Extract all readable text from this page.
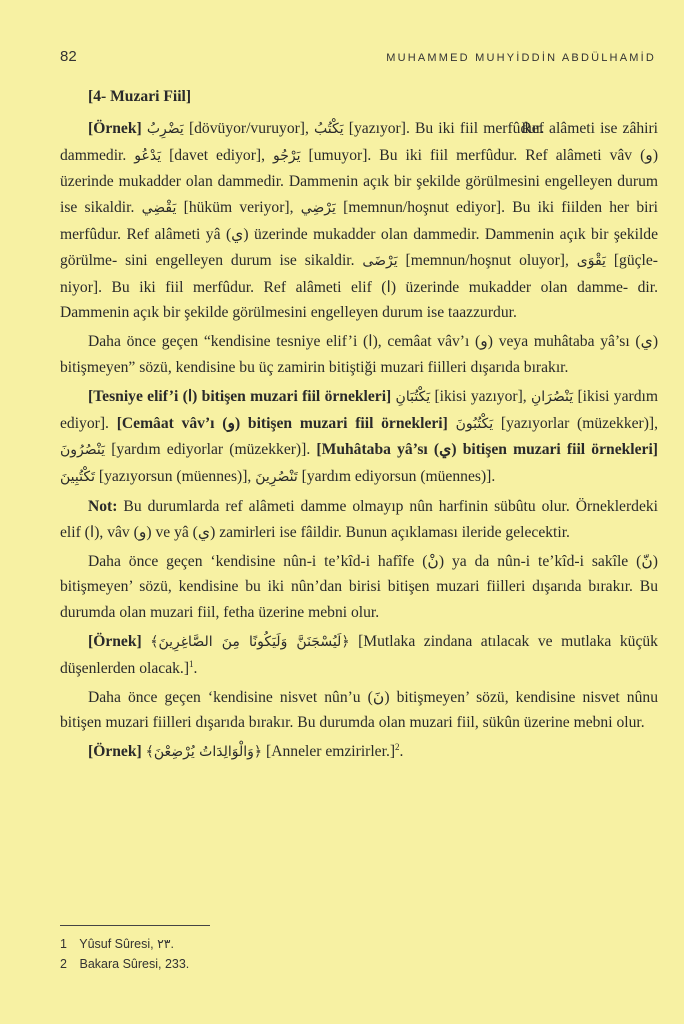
82	MUHAMMED MUHYİDDİN ABDÜLHAMİD

[4- Muzari Fiil]

[Örnek] يَضْرِبُ [dövüyor/vuruyor], يَكْتُبُ [yazıyor]. Bu iki fiil merfûdur. Ref alâmeti ise zâhiri dammedir. يَدْعُو [davet ediyor], يَرْجُو [umuyor]. Bu iki fiil merfûdur. Ref alâmeti vâv (و) üzerinde mukadder olan dammedir. Dammenin açık bir şekilde görülmesini engelleyen durum ise sikaldir. يَقْضِي [hüküm veriyor], يَرْضِي [memnun/hoşnut ediyor]. Bu iki fiilden her biri merfûdur. Ref alâmeti yâ (ي) üzerinde mukadder olan dammedir. Dammenin açık bir şekilde görülme- sini engelleyen durum ise sikaldir. يَرْضَى [memnun/hoşnut oluyor], يَقْوَى [güçle- niyor]. Bu iki fiil merfûdur. Ref alâmeti elif (ا) üzerinde mukadder olan damme- dir. Dammenin açık bir şekilde görülmesini engelleyen durum ise taazzurdur.

Daha önce geçen “kendisine tesniye elif’i (ا), cemâat vâv’ı (و) veya muhâtaba yâ’sı (ي) bitişmeyen” sözü, kendisine bu üç zamirin bitiştiği muzari fiilleri dışarıda bırakır.

[Tesniye elif’i (ا) bitişen muzari fiil örnekleri] يَكْتُبَانِ [ikisi yazıyor], يَنْصُرَانِ [ikisi yardım ediyor]. [Cemâat vâv’ı (و) bitişen muzari fiil örnekleri] يَكْتُبُونَ [yazıyorlar (müzekker)], يَنْصُرُونَ [yardım ediyorlar (müzekker)]. [Muhâtaba yâ’sı (ي) bitişen muzari fiil örnekleri] تَكْتُبِينَ [yazıyorsun (müennes)], تَنْصُرِينَ [yardım ediyorsun (müennes)].

Not: Bu durumlarda ref alâmeti damme olmayıp nûn harfinin sübûtu olur. Örneklerdeki elif (ا), vâv (و) ve yâ (ي) zamirleri ise fâildir. Bunun açıklaması ileride gelecektir.

Daha önce geçen ‘kendisine nûn-i te’kîd-i hafîfe (نْ) ya da nûn-i te’kîd-i sakîle (نّ) bitişmeyen’ sözü, kendisine bu iki nûn’dan birisi bitişen muzari fiilleri dışarıda bırakır. Bu durumda olan muzari fiil, fetha üzerine mebni olur.

[Örnek] ﴿لَيُسْجَنَنَّ وَلَيَكُونًا مِنَ الصَّاغِرِينَ﴾ [Mutlaka zindana atılacak ve mutlaka küçük düşenlerden olacak.]$^1$.

Daha önce geçen ‘kendisine nisvet nûn’u (نَ) bitişmeyen’ sözü, kendisine nisvet nûnu bitişen muzari fiilleri dışarıda bırakır. Bu durumda olan muzari fiil, sükûn üzerine mebni olur.

[Örnek] ﴿وَالْوَالِدَاتُ يُرْضِعْنَ﴾ [Anneler emzirirler.]$^2$.

1 Yûsuf Sûresi, ٢٣.
2 Bakara Sûresi, 233.
